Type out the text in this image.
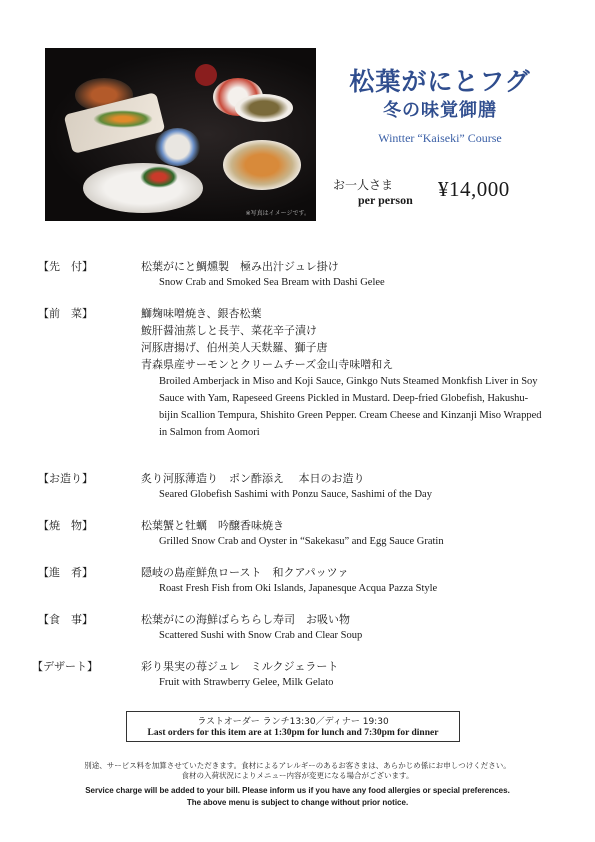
※写真はイメージです。
松葉がにとフグ
冬の味覚御膳
Wintter “Kaiseki” Course
お一人さま
per person ¥14,000
【先　付】	松葉がにと鯛燻製　極み出汁ジュレ掛け
Snow Crab and Smoked Sea Bream with Dashi Gelee
【前　菜】	鰤麹味噌焼き、銀杏松葉
鮟肝醤油蒸しと長芋、菜花辛子漬け
河豚唐揚げ、伯州美人天麩羅、獅子唐
青森県産サーモンとクリームチーズ金山寺味噌和え
Broiled Amberjack in Miso and Koji Sauce, Ginkgo Nuts Steamed Monkfish Liver in Soy Sauce with Yam, Rapeseed Greens Pickled in Mustard. Deep-fried Globefish, Hakushu-bijin Scallion Tempura, Shishito Green Pepper. Cream Cheese and Kinzanji Miso Wrapped in Salmon from Aomori
【お造り】	炙り河豚薄造り　ポン酢添え　 本日のお造り
Seared Globefish Sashimi with Ponzu Sauce, Sashimi of the Day
【焼　物】	松葉蟹と牡蠣　吟醸香味焼き
Grilled Snow Crab and Oyster in “Sakekasu” and Egg Sauce Gratin
【進　肴】	隠岐の島産鮮魚ロースト　和クアパッツァ
Roast Fresh Fish from Oki Islands, Japanesque Acqua Pazza Style
【食　事】	松葉がにの海鮮ばらちらし寿司　お吸い物
Scattered Sushi with Snow Crab and Clear Soup
【デザート】	彩り果実の苺ジュレ　ミルクジェラート
Fruit with Strawberry Gelee, Milk Gelato
ラストオーダー ランチ13:30／ディナー 19:30
Last orders for this item are at 1:30pm for lunch and 7:30pm for dinner
別途、サービス料を加算させていただきます。食材によるアレルギーのあるお客さまは、あらかじめ係にお申しつけください。
食材の入荷状況によりメニュー内容が変更になる場合がございます。
Service charge will be added to your bill. Please inform us if you have any food allergies or special preferences.
The above menu is subject to change without prior notice.
